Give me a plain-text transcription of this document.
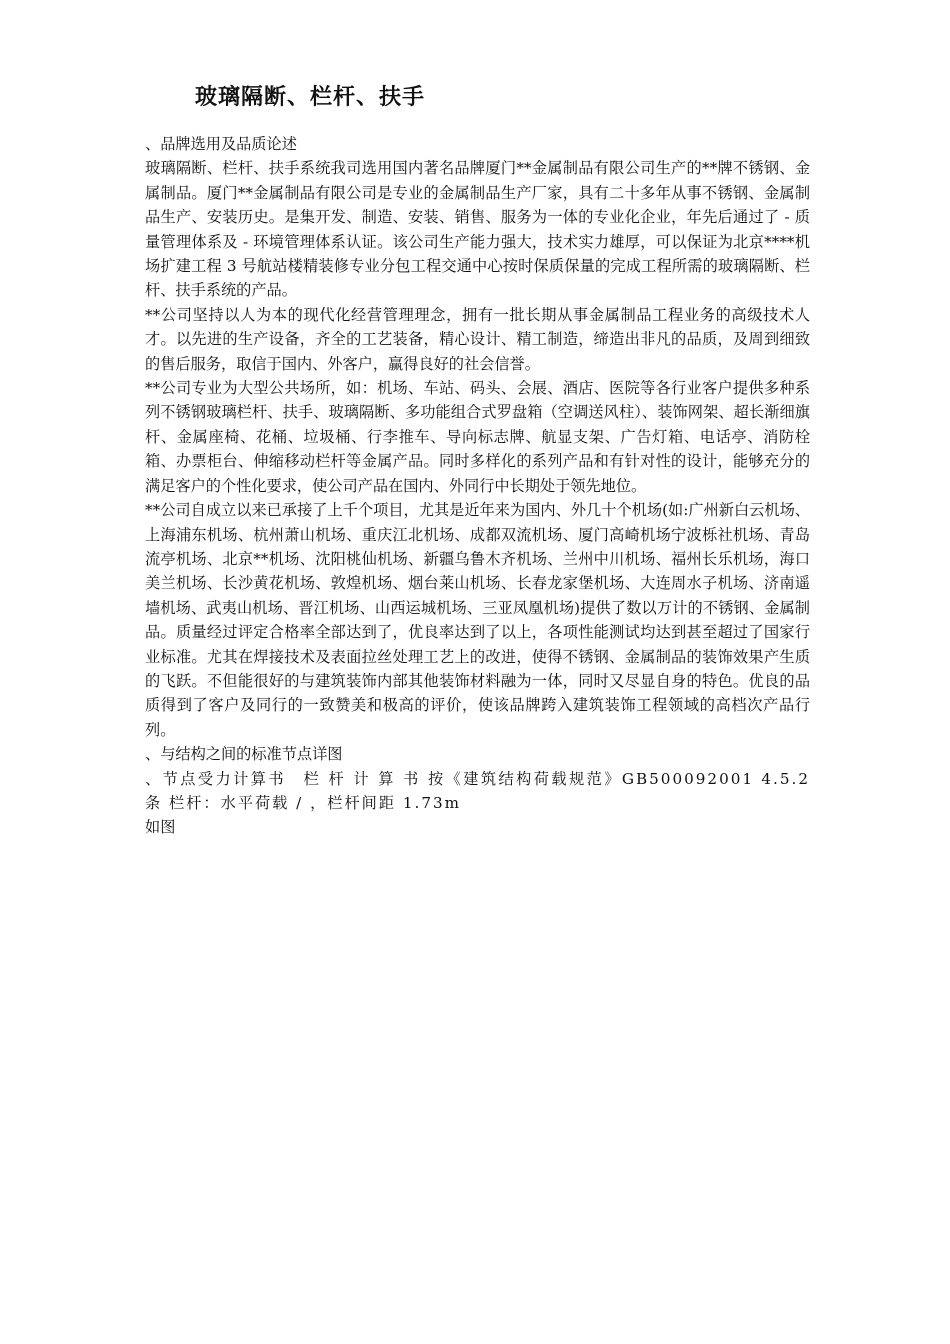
玻璃隔断、栏杆、扶手

、品牌选用及品质论述

玻璃隔断、栏杆、扶手系统我司选用国内著名品牌厦门**金属制品有限公司生产的**牌不锈钢、金属制品。厦门**金属制品有限公司是专业的金属制品生产厂家，具有二十多年从事不锈钢、金属制品生产、安装历史。是集开发、制造、安装、销售、服务为一体的专业化企业，年先后通过了 - 质量管理体系及 - 环境管理体系认证。该公司生产能力强大，技术实力雄厚，可以保证为北京****机场扩建工程 3 号航站楼精装修专业分包工程交通中心按时保质保量的完成工程所需的玻璃隔断、栏杆、扶手系统的产品。

**公司坚持以人为本的现代化经营管理理念，拥有一批长期从事金属制品工程业务的高级技术人才。以先进的生产设备，齐全的工艺装备，精心设计、精工制造，缔造出非凡的品质，及周到细致的售后服务，取信于国内、外客户，赢得良好的社会信誉。

**公司专业为大型公共场所，如：机场、车站、码头、会展、酒店、医院等各行业客户提供多种系列不锈钢玻璃栏杆、扶手、玻璃隔断、多功能组合式罗盘箱（空调送风柱）、装饰网架、超长渐细旗杆、金属座椅、花桶、垃圾桶、行李推车、导向标志牌、航显支架、广告灯箱、电话亭、消防栓箱、办票柜台、伸缩移动栏杆等金属产品。同时多样化的系列产品和有针对性的设计，能够充分的满足客户的个性化要求，使公司产品在国内、外同行中长期处于领先地位。

**公司自成立以来已承接了上千个项目，尤其是近年来为国内、外几十个机场(如:广州新白云机场、上海浦东机场、杭州萧山机场、重庆江北机场、成都双流机场、厦门高崎机场宁波栎社机场、青岛流亭机场、北京**机场、沈阳桃仙机场、新疆乌鲁木齐机场、兰州中川机场、福州长乐机场，海口美兰机场、长沙黄花机场、敦煌机场、烟台莱山机场、长春龙家堡机场、大连周水子机场、济南遥墙机场、武夷山机场、晋江机场、山西运城机场、三亚凤凰机场)提供了数以万计的不锈钢、金属制品。质量经过评定合格率全部达到了，优良率达到了以上，各项性能测试均达到甚至超过了国家行业标准。尤其在焊接技术及表面拉丝处理工艺上的改进，使得不锈钢、金属制品的装饰效果产生质的飞跃。不但能很好的与建筑装饰内部其他装饰材料融为一体，同时又尽显自身的特色。优良的品质得到了客户及同行的一致赞美和极高的评价，使该品牌跨入建筑装饰工程领域的高档次产品行列。

、与结构之间的标准节点详图

、节点受力计算书　栏 杆 计 算 书 按《建筑结构荷载规范》GB500092001 4.5.2 条 栏杆：水平荷载 / ，栏杆间距 1.73m

如图
